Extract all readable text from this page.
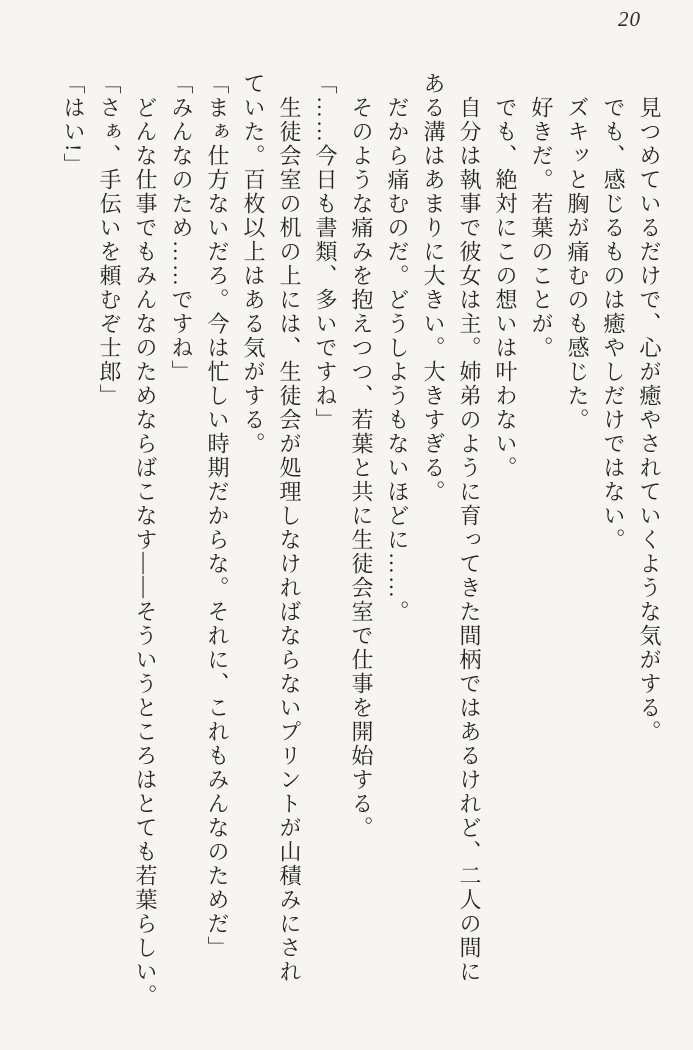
20

　見つめているだけで、心が癒やされていくような気がする。

　でも、感じるものは癒やしだけではない。

　ズキッと胸が痛むのも感じた。

　好きだ。若葉のことが。

　でも、絶対にこの想いは叶わない。

　自分は執事で彼女は主。姉弟のように育ってきた間柄ではあるけれど、二人の間に

ある溝はあまりに大きい。大きすぎる。

　だから痛むのだ。どうしようもないほどに……。

　そのような痛みを抱えつつ、若葉と共に生徒会室で仕事を開始する。

「……今日も書類、多いですね」

　生徒会室の机の上には、生徒会が処理しなければならないプリントが山積みにされ

ていた。百枚以上はある気がする。

「まぁ仕方ないだろ。今は忙しい時期だからな。それに、これもみんなのためだ」

「みんなのため……ですね」

　どんな仕事でもみんなのためならばこなす――そういうところはとても若葉らしい。

「さぁ、手伝いを頼むぞ士郎」

「はい!」
